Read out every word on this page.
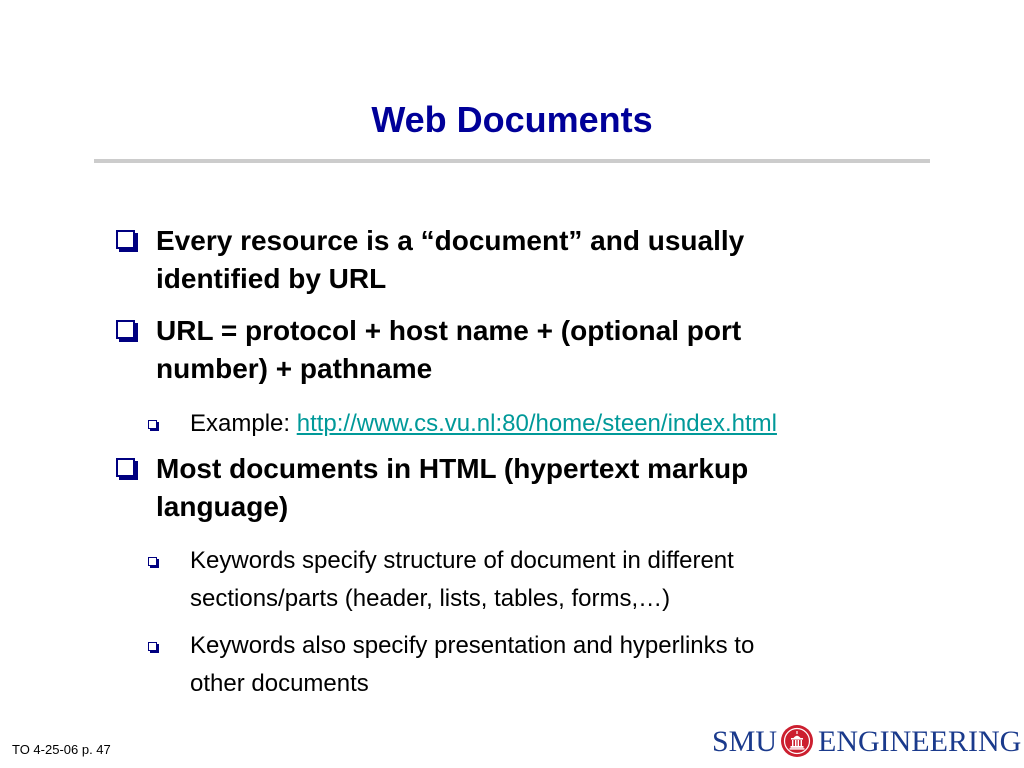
Web Documents
Every resource is a “document” and usually
identified by URL
URL = protocol + host name + (optional port
number) + pathname
Example: http://www.cs.vu.nl:80/home/steen/index.html
Most documents in HTML (hypertext markup
language)
Keywords specify structure of document in different
sections/parts (header, lists, tables, forms,…)
Keywords also specify presentation and hyperlinks to
other documents
TO 4-25-06 p. 47	SMU ENGINEERING
